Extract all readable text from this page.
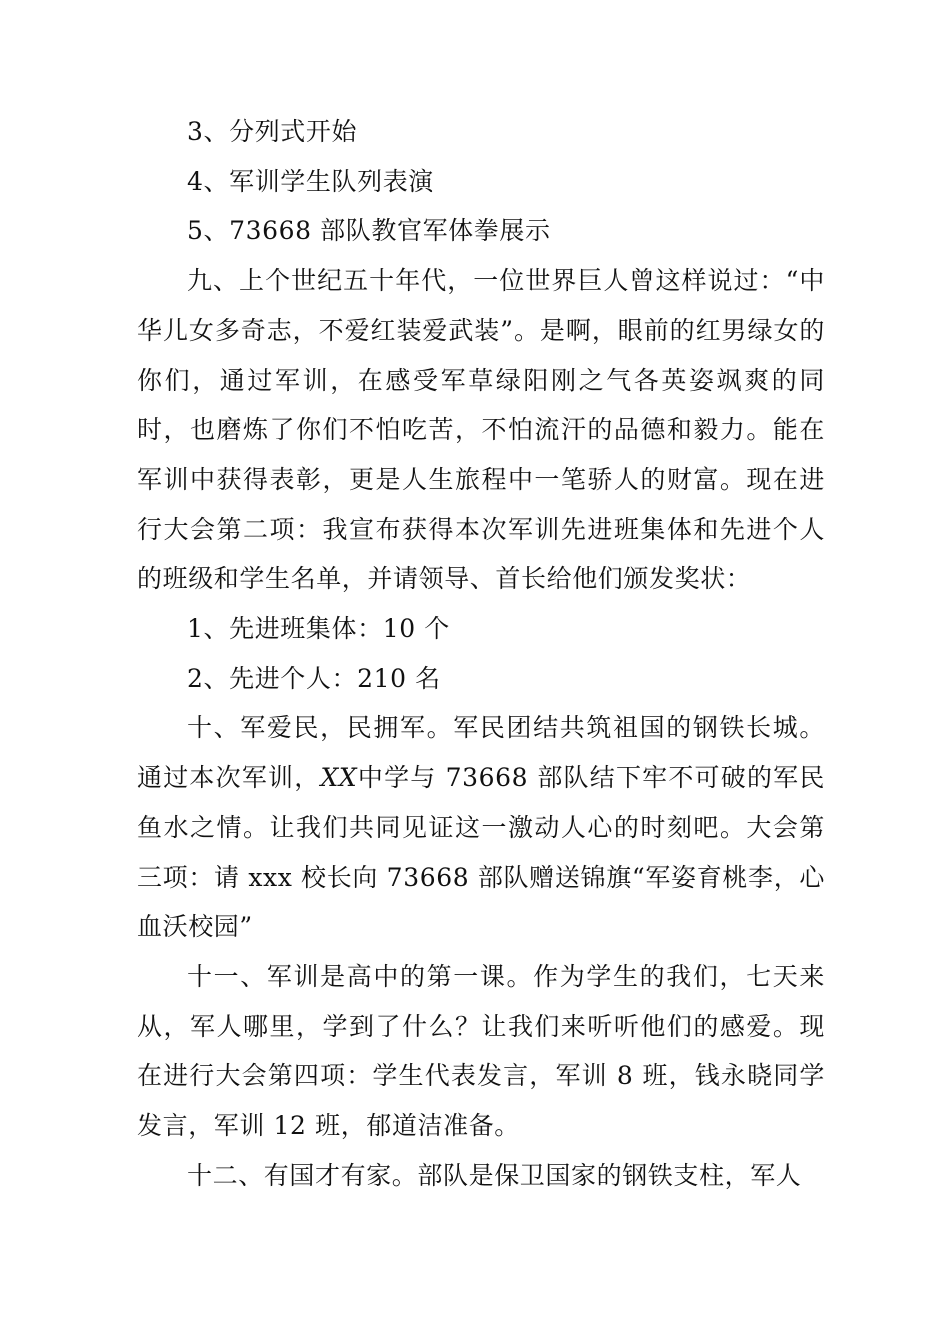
3、分列式开始

4、军训学生队列表演

5、73668 部队教官军体拳展示

九、上个世纪五十年代，一位世界巨人曾这样说过：“中华儿女多奇志，不爱红装爱武装”。是啊，眼前的红男绿女的你们，通过军训，在感受军草绿阳刚之气各英姿飒爽的同时，也磨炼了你们不怕吃苦，不怕流汗的品德和毅力。能在军训中获得表彰，更是人生旅程中一笔骄人的财富。现在进行大会第二项：我宣布获得本次军训先进班集体和先进个人的班级和学生名单，并请领导、首长给他们颁发奖状：

1、先进班集体：10 个

2、先进个人：210 名

十、军爱民，民拥军。军民团结共筑祖国的钢铁长城。通过本次军训，XX中学与 73668 部队结下牢不可破的军民鱼水之情。让我们共同见证这一激动人心的时刻吧。大会第三项：请 xxx 校长向 73668 部队赠送锦旗“军姿育桃李，心血沃校园”

十一、军训是高中的第一课。作为学生的我们，七天来从，军人哪里，学到了什么？让我们来听听他们的感爱。现在进行大会第四项：学生代表发言，军训 8 班，钱永晓同学发言，军训 12 班，郁道洁准备。

十二、有国才有家。部队是保卫国家的钢铁支柱，军人
